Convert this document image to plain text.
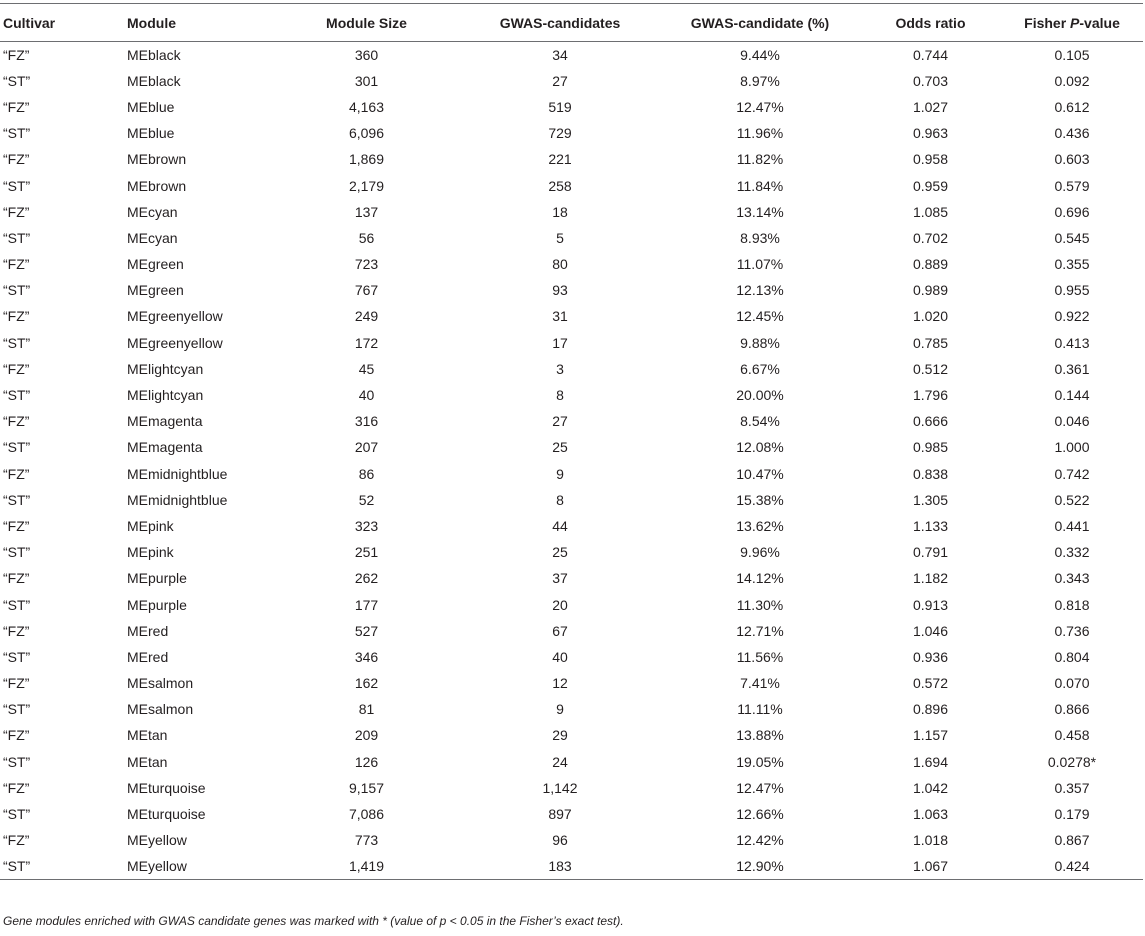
Cultivar	Module	Module Size	GWAS-candidates	GWAS-candidate (%)	Odds ratio	Fisher P-value
“FZ”	MEblack	360	34	9.44%	0.744	0.105
“ST”	MEblack	301	27	8.97%	0.703	0.092
“FZ”	MEblue	4,163	519	12.47%	1.027	0.612
“ST”	MEblue	6,096	729	11.96%	0.963	0.436
“FZ”	MEbrown	1,869	221	11.82%	0.958	0.603
“ST”	MEbrown	2,179	258	11.84%	0.959	0.579
“FZ”	MEcyan	137	18	13.14%	1.085	0.696
“ST”	MEcyan	56	5	8.93%	0.702	0.545
“FZ”	MEgreen	723	80	11.07%	0.889	0.355
“ST”	MEgreen	767	93	12.13%	0.989	0.955
“FZ”	MEgreenyellow	249	31	12.45%	1.020	0.922
“ST”	MEgreenyellow	172	17	9.88%	0.785	0.413
“FZ”	MElightcyan	45	3	6.67%	0.512	0.361
“ST”	MElightcyan	40	8	20.00%	1.796	0.144
“FZ”	MEmagenta	316	27	8.54%	0.666	0.046
“ST”	MEmagenta	207	25	12.08%	0.985	1.000
“FZ”	MEmidnightblue	86	9	10.47%	0.838	0.742
“ST”	MEmidnightblue	52	8	15.38%	1.305	0.522
“FZ”	MEpink	323	44	13.62%	1.133	0.441
“ST”	MEpink	251	25	9.96%	0.791	0.332
“FZ”	MEpurple	262	37	14.12%	1.182	0.343
“ST”	MEpurple	177	20	11.30%	0.913	0.818
“FZ”	MEred	527	67	12.71%	1.046	0.736
“ST”	MEred	346	40	11.56%	0.936	0.804
“FZ”	MEsalmon	162	12	7.41%	0.572	0.070
“ST”	MEsalmon	81	9	11.11%	0.896	0.866
“FZ”	MEtan	209	29	13.88%	1.157	0.458
“ST”	MEtan	126	24	19.05%	1.694	0.0278*
“FZ”	MEturquoise	9,157	1,142	12.47%	1.042	0.357
“ST”	MEturquoise	7,086	897	12.66%	1.063	0.179
“FZ”	MEyellow	773	96	12.42%	1.018	0.867
“ST”	MEyellow	1,419	183	12.90%	1.067	0.424
Gene modules enriched with GWAS candidate genes was marked with * (value of p < 0.05 in the Fisher’s exact test).
